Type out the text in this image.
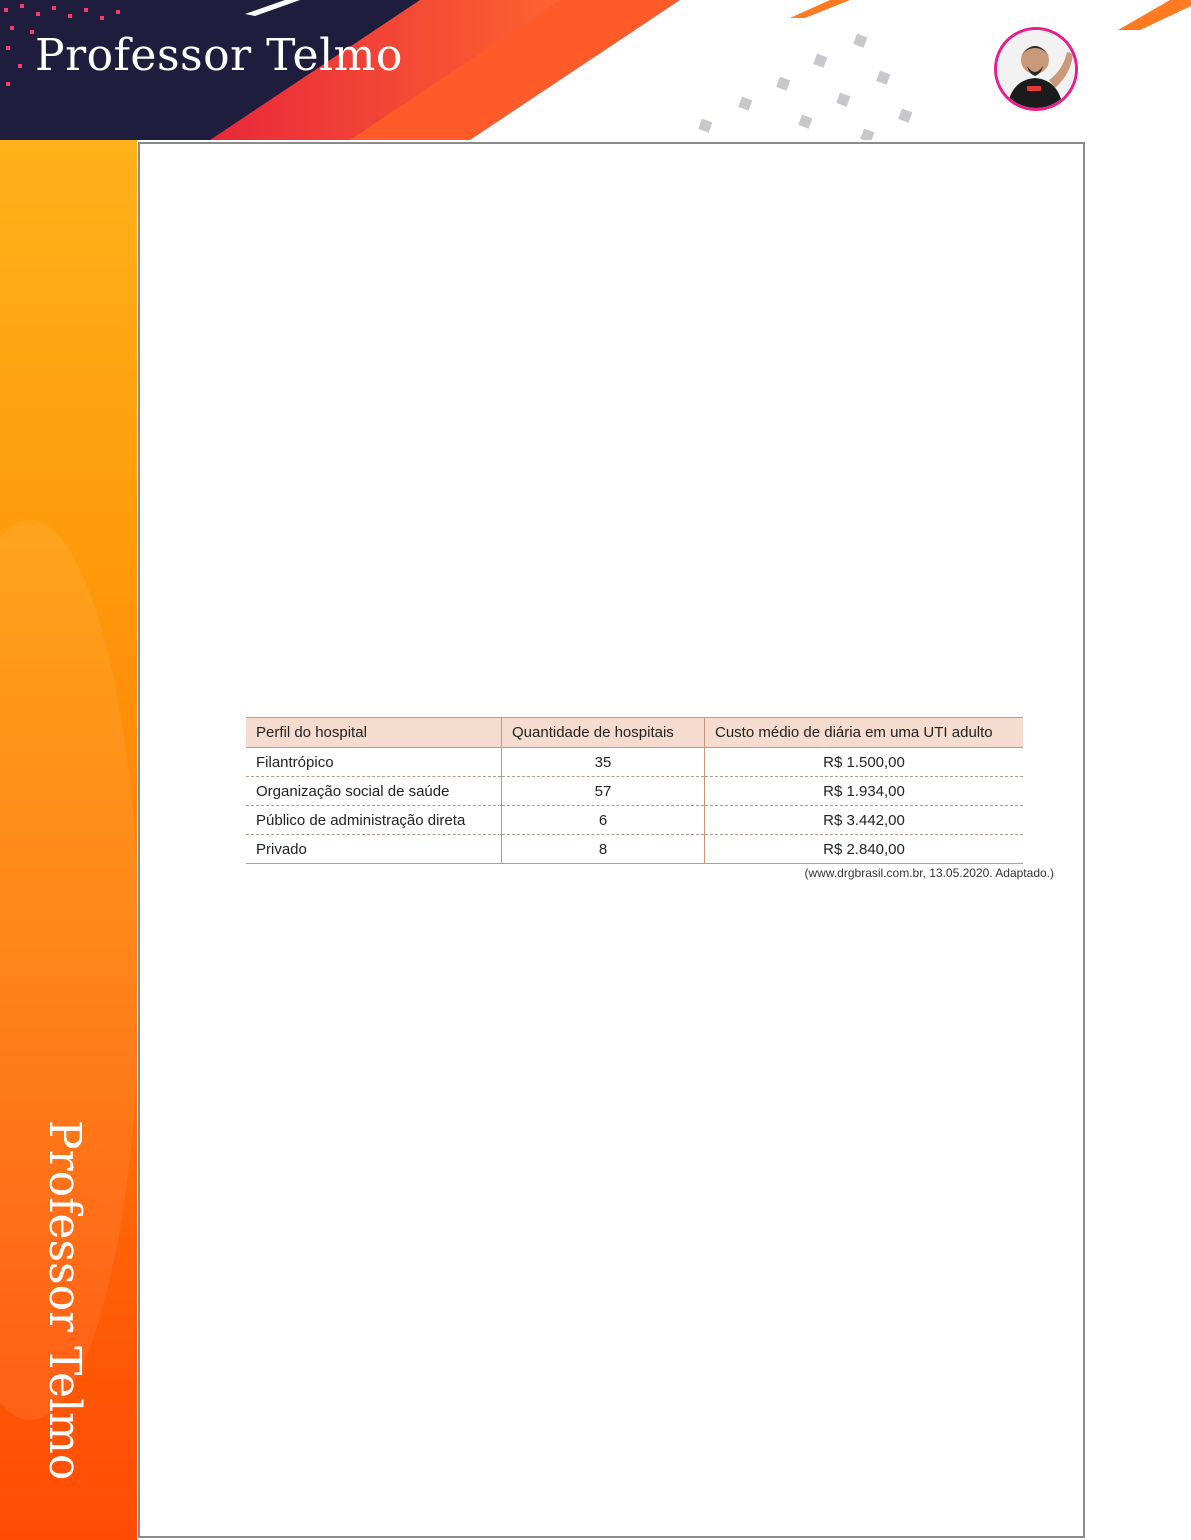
Professor Telmo
Professor Telmo
Perfil do hospital	Quantidade de hospitais	Custo médio de diária em uma UTI adulto
Filantrópico	35	R$ 1.500,00
Organização social de saúde	57	R$ 1.934,00
Público de administração direta	6	R$ 3.442,00
Privado	8	R$ 2.840,00
(www.drgbrasil.com.br, 13.05.2020. Adaptado.)
